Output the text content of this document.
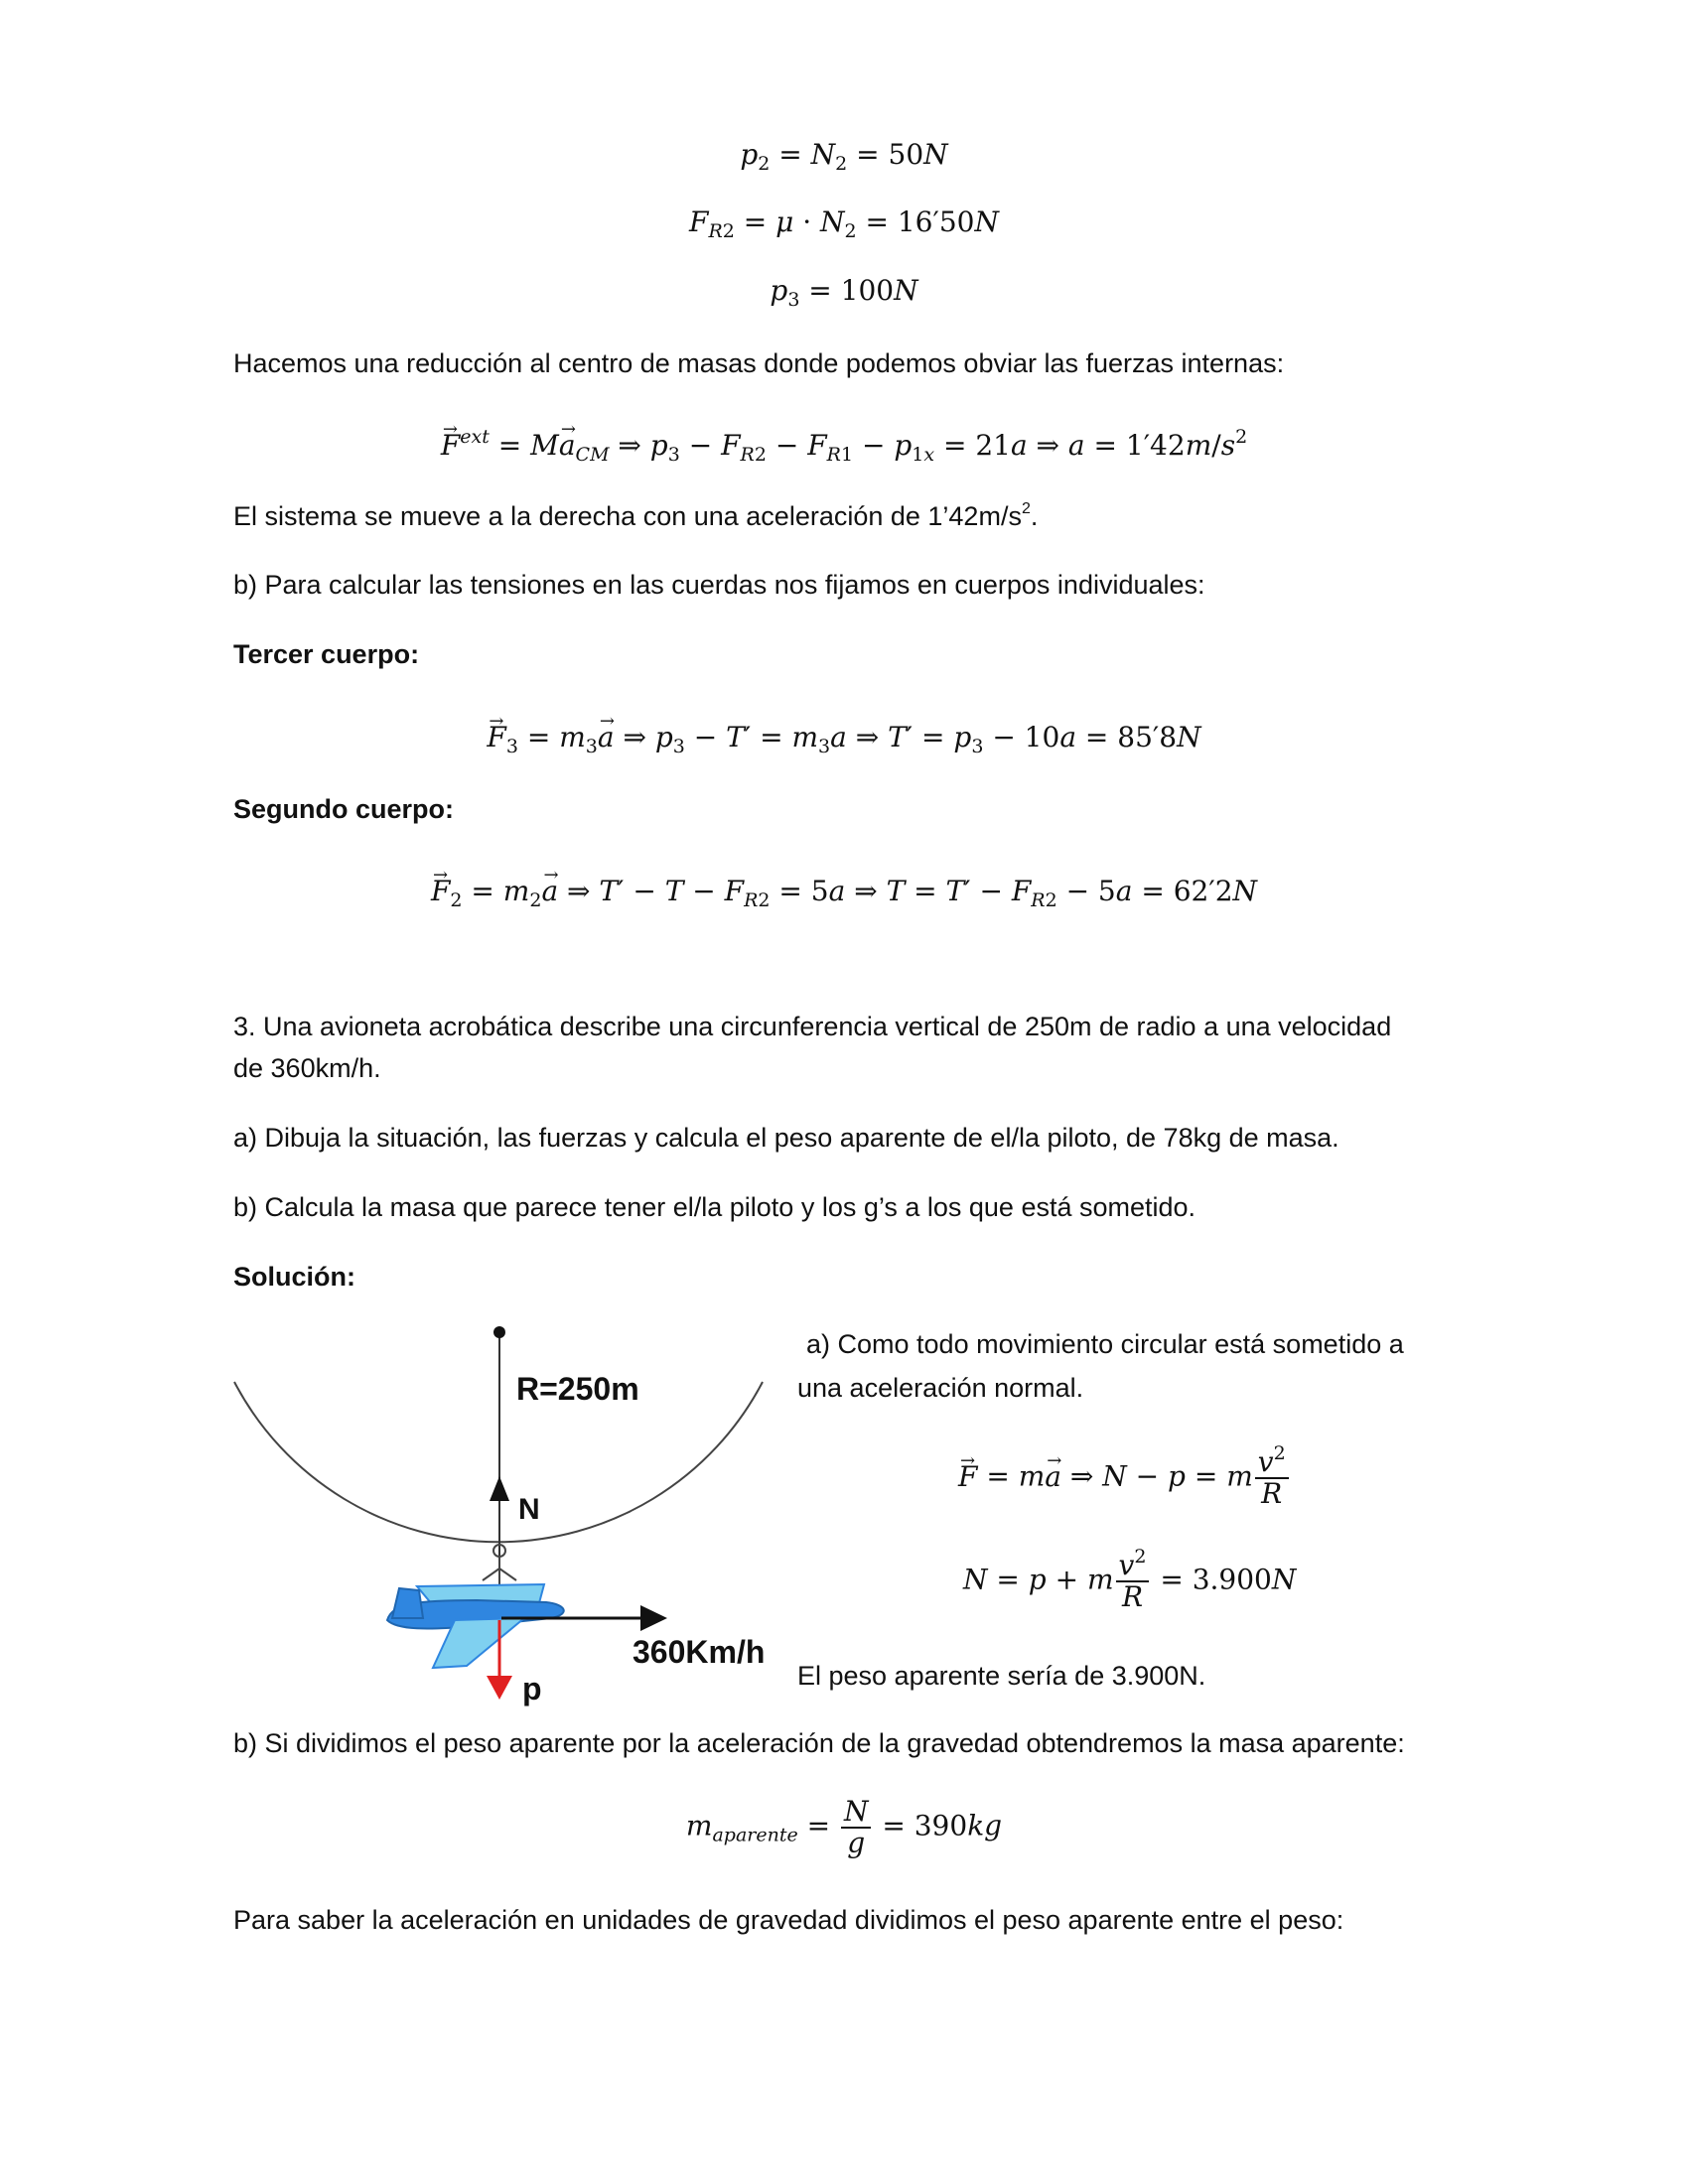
$p_2 = N_2 = 50N$
$F_{R2} = \mu \cdot N_2 = 16'50N$
$p_3 = 100N$
Hacemos una reducción al centro de masas donde podemos obviar las fuerzas internas:
→ $F^{ext} = M\to a_{CM}$ ⇒ $p_3 - F_{R2} - F_{R1} - p_{1x} = 21a$ ⇒ $a = 1'42m/s^2$
El sistema se mueve a la derecha con una aceleración de $1’42m/s^2$.
b) Para calcular las tensiones en las cuerdas nos fijamos en cuerpos individuales:
Tercer cuerpo:
→ $F_3 = m_3\to a$ ⇒ $p_3 - T' = m_3a$ ⇒ $T' = p_3 - 10a = 85'8N$
Segundo cuerpo:
→ $F_2 = m_2\to a$ ⇒ $T' - T - F_{R2} = 5a$ ⇒ $T = T' - F_{R2} - 5a = 62'2N$
3. Una avioneta acrobática describe una circunferencia vertical de 250m de radio a una velocidad
de 360km/h.
a) Dibuja la situación, las fuerzas y calcula el peso aparente de el/la piloto, de 78kg de masa.
b) Calcula la masa que parece tener el/la piloto y los g’s a los que está sometido.
Solución:
R=250m
N
360Km/h
p
a) Como todo movimiento circular está sometido a
una aceleración normal.
→ F = m→ a ⇒ N − p = m $\frac{v^2}{R}$
N = p + m $\frac{v^2}{R} = 3.900N$
El peso aparente sería de 3.900N.
b) Si dividimos el peso aparente por la aceleración de la gravedad obtendremos la masa aparente:
$m_{aparente} = \frac{N}{g} = 390kg$
Para saber la aceleración en unidades de gravedad dividimos el peso aparente entre el peso:
